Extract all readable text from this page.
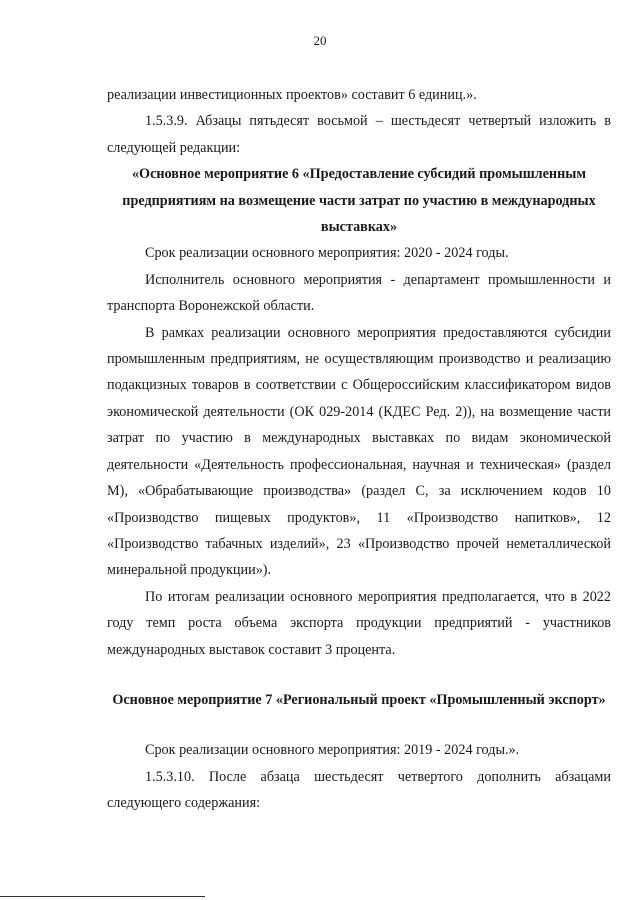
20

реализации инвестиционных проектов» составит 6 единиц.».

1.5.3.9. Абзацы пятьдесят восьмой – шестьдесят четвертый изложить в следующей редакции:

«Основное мероприятие 6 «Предоставление субсидий промышленным предприятиям на возмещение части затрат по участию в международных выставках»

Срок реализации основного мероприятия: 2020 - 2024 годы.

Исполнитель основного мероприятия - департамент промышленности и транспорта Воронежской области.

В рамках реализации основного мероприятия предоставляются субсидии промышленным предприятиям, не осуществляющим производство и реализацию подакцизных товаров в соответствии с Общероссийским классификатором видов экономической деятельности (ОК 029-2014 (КДЕС Ред. 2)), на возмещение части затрат по участию в международных выставках по видам экономической деятельности «Деятельность профессиональная, научная и техническая» (раздел М), «Обрабатывающие производства» (раздел С, за исключением кодов 10 «Производство пищевых продуктов», 11 «Производство напитков», 12 «Производство табачных изделий», 23 «Производство прочей неметаллической минеральной продукции»).

По итогам реализации основного мероприятия предполагается, что в 2022 году темп роста объема экспорта продукции предприятий - участников международных выставок составит 3 процента.

Основное мероприятие 7 «Региональный проект «Промышленный экспорт»

Срок реализации основного мероприятия: 2019 - 2024 годы.».

1.5.3.10. После абзаца шестьдесят четвертого дополнить абзацами следующего содержания:
